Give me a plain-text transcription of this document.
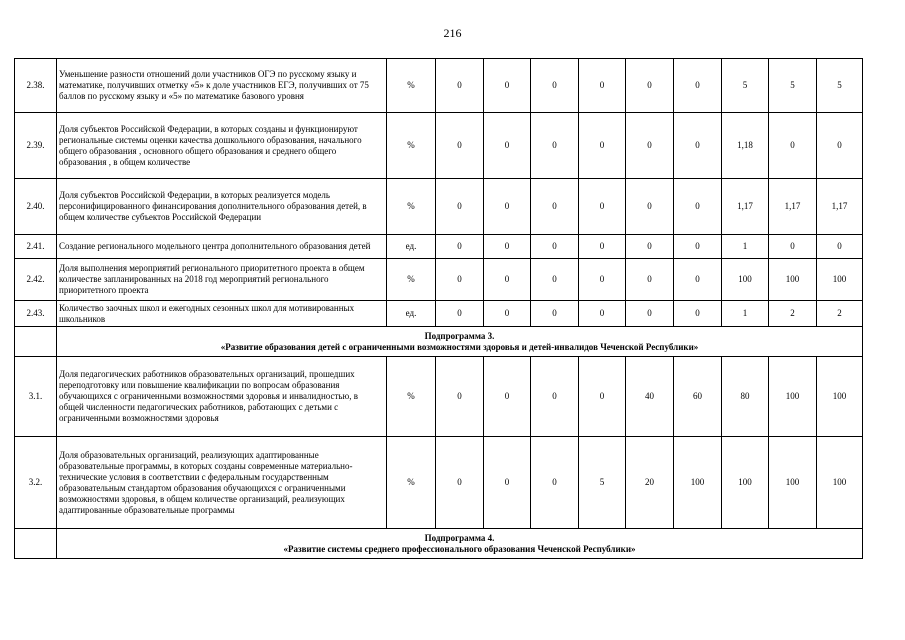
216
2.38.	Уменьшение разности отношений доли участников ОГЭ по русскому языку и математике, получивших отметку «5» к доле участников ЕГЭ, получивших от 75 баллов по русскому языку и «5» по математике базового уровня	%	0	0	0	0	0	0	5	5	5
2.39.	Доля субъектов Российской Федерации, в которых созданы и функционируют региональные системы оценки качества дошкольного образования, начального общего образования , основного общего образования и среднего общего образования , в общем количестве	%	0	0	0	0	0	0	1,18	0	0
2.40.	Доля субъектов Российской Федерации, в которых реализуется модель персонифицированного финансирования дополнительного образования детей, в общем количестве субъектов Российской Федерации	%	0	0	0	0	0	0	1,17	1,17	1,17
2.41.	Создание регионального модельного центра дополнительного образования детей	ед.	0	0	0	0	0	0	1	0	0
2.42.	Доля выполнения мероприятий регионального приоритетного проекта в общем количестве запланированных на 2018 год мероприятий регионального приоритетного проекта	%	0	0	0	0	0	0	100	100	100
2.43.	Количество заочных школ и ежегодных сезонных школ для мотивированных школьников	ед.	0	0	0	0	0	0	1	2	2

	Подпрограмма 3.
«Развитие образования детей с ограниченными возможностями здоровья и детей-инвалидов Чеченской Республики»										

3.1.	Доля педагогических работников образовательных организаций, прошедших переподготовку или повышение квалификации по вопросам образования обучающихся с ограниченными возможностями здоровья и инвалидностью, в общей численности педагогических работников, работающих с детьми с ограниченными возможностями здоровья	%	0	0	0	0	40	60	80	100	100
3.2.	Доля образовательных организаций, реализующих адаптированные образовательные программы, в которых созданы современные материально-технические условия в соответствии с федеральным государственным образовательным стандартом образования обучающихся с ограниченными возможностями здоровья, в общем количестве организаций, реализующих адаптированные образовательные программы	%	0	0	0	5	20	100	100	100	100

	Подпрограмма 4.
«Развитие системы среднего профессионального образования Чеченской Республики»										
